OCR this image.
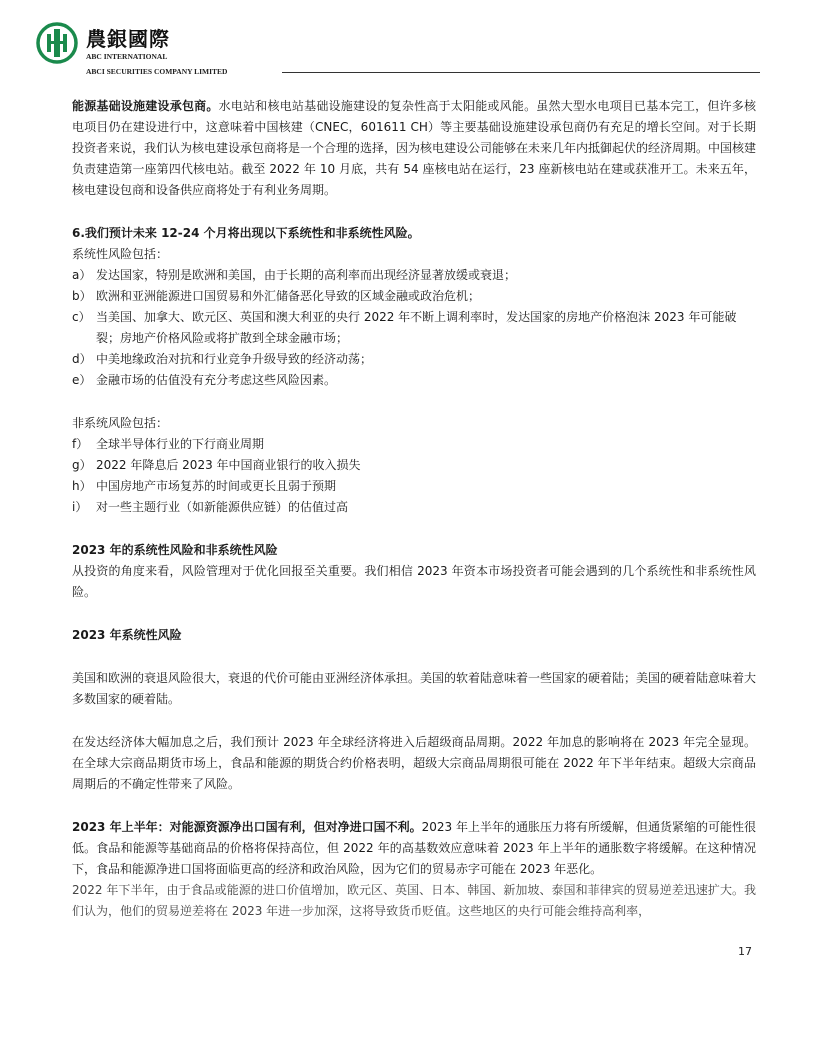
農銀國際
ABC INTERNATIONAL
ABCI SECURITIES COMPANY LIMITED

能源基础设施建设承包商。水电站和核电站基础设施建设的复杂性高于太阳能或风能。虽然大型水电项目已基本完工，但许多核电项目仍在建设进行中，这意味着中国核建（CNEC，601611 CH）等主要基础设施建设承包商仍有充足的增长空间。对于长期投资者来说，我们认为核电建设承包商将是一个合理的选择，因为核电建设公司能够在未来几年内抵御起伏的经济周期。中国核建负责建造第一座第四代核电站。截至 2022 年 10 月底，共有 54 座核电站在运行，23 座新核电站在建或获准开工。未来五年，核电建设包商和设备供应商将处于有利业务周期。

6.我们预计未来 12-24 个月将出现以下系统性和非系统性风险。

系统性风险包括：

a） 发达国家，特别是欧洲和美国，由于长期的高利率而出现经济显著放缓或衰退；
b） 欧洲和亚洲能源进口国贸易和外汇储备恶化导致的区域金融或政治危机；
c） 当美国、加拿大、欧元区、英国和澳大利亚的央行 2022 年不断上调利率时，发达国家的房地产价格泡沫 2023 年可能破裂；房地产价格风险或将扩散到全球金融市场；
d） 中美地缘政治对抗和行业竞争升级导致的经济动荡；
e） 金融市场的估值没有充分考虑这些风险因素。

非系统风险包括：

f） 全球半导体行业的下行商业周期
g） 2022 年降息后 2023 年中国商业银行的收入损失
h） 中国房地产市场复苏的时间或更长且弱于预期
i） 对一些主题行业（如新能源供应链）的估值过高

2023 年的系统性风险和非系统性风险

从投资的角度来看，风险管理对于优化回报至关重要。我们相信 2023 年资本市场投资者可能会遇到的几个系统性和非系统性风险。

2023 年系统性风险

美国和欧洲的衰退风险很大，衰退的代价可能由亚洲经济体承担。美国的软着陆意味着一些国家的硬着陆；美国的硬着陆意味着大多数国家的硬着陆。

在发达经济体大幅加息之后，我们预计 2023 年全球经济将进入后超级商品周期。2022 年加息的影响将在 2023 年完全显现。在全球大宗商品期货市场上，食品和能源的期货合约价格表明，超级大宗商品周期很可能在 2022 年下半年结束。超级大宗商品周期后的不确定性带来了风险。

2023 年上半年：对能源资源净出口国有利，但对净进口国不利。2023 年上半年的通胀压力将有所缓解，但通货紧缩的可能性很低。食品和能源等基础商品的价格将保持高位，但 2022 年的高基数效应意味着 2023 年上半年的通胀数字将缓解。在这种情况下，食品和能源净进口国将面临更高的经济和政治风险，因为它们的贸易赤字可能在 2023 年恶化。

2022 年下半年，由于食品或能源的进口价值增加，欧元区、英国、日本、韩国、新加坡、泰国和菲律宾的贸易逆差迅速扩大。我们认为，他们的贸易逆差将在 2023 年进一步加深，这将导致货币贬值。这些地区的央行可能会维持高利率，

17
